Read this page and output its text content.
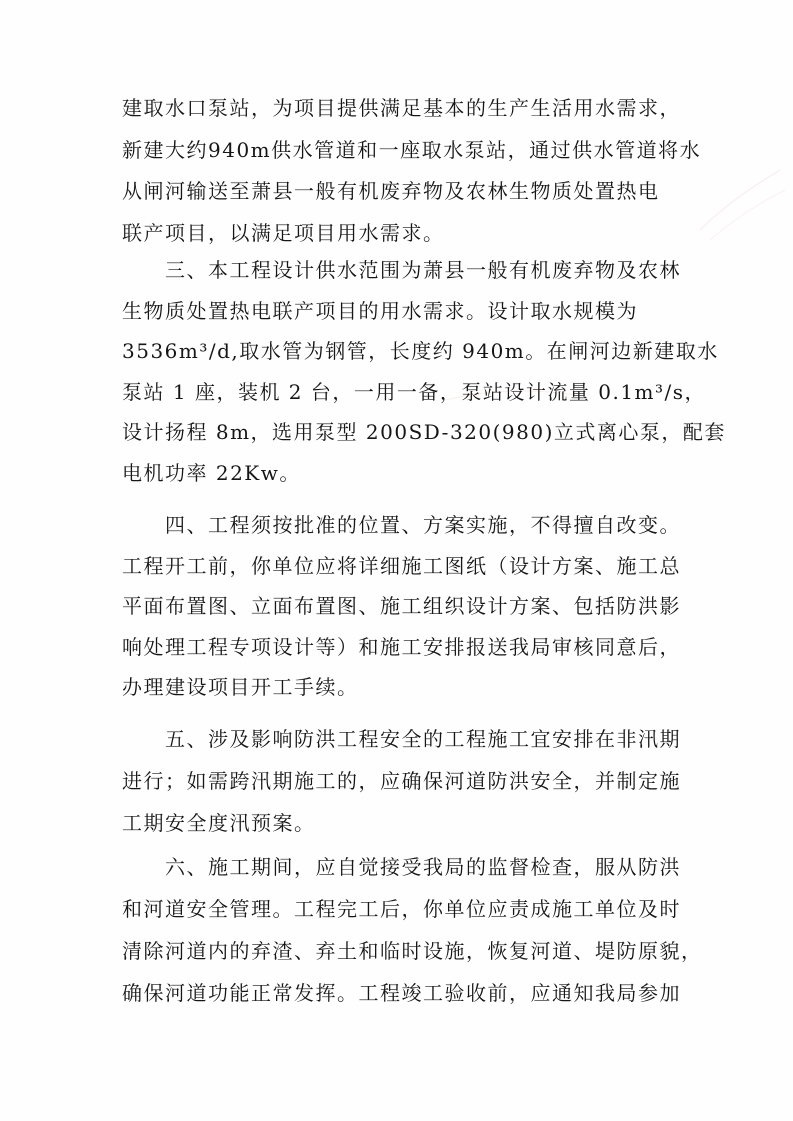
建取水口泵站，为项目提供满足基本的生产生活用水需求，
新建大约940m供水管道和一座取水泵站，通过供水管道将水
从闸河输送至萧县一般有机废弃物及农林生物质处置热电
联产项目，以满足项目用水需求。
　　三、本工程设计供水范围为萧县一般有机废弃物及农林
生物质处置热电联产项目的用水需求。设计取水规模为
3536m³/d,取水管为钢管，长度约 940m。在闸河边新建取水
泵站 1 座，装机 2 台，一用一备，泵站设计流量 0.1m³/s，
设计扬程 8m，选用泵型 200SD-320(980)立式离心泵，配套
电机功率 22Kw。
　　四、工程须按批准的位置、方案实施，不得擅自改变。
工程开工前，你单位应将详细施工图纸（设计方案、施工总
平面布置图、立面布置图、施工组织设计方案、包括防洪影
响处理工程专项设计等）和施工安排报送我局审核同意后，
办理建设项目开工手续。
　　五、涉及影响防洪工程安全的工程施工宜安排在非汛期
进行；如需跨汛期施工的，应确保河道防洪安全，并制定施
工期安全度汛预案。
　　六、施工期间，应自觉接受我局的监督检查，服从防洪
和河道安全管理。工程完工后，你单位应责成施工单位及时
清除河道内的弃渣、弃土和临时设施，恢复河道、堤防原貌，
确保河道功能正常发挥。工程竣工验收前，应通知我局参加
